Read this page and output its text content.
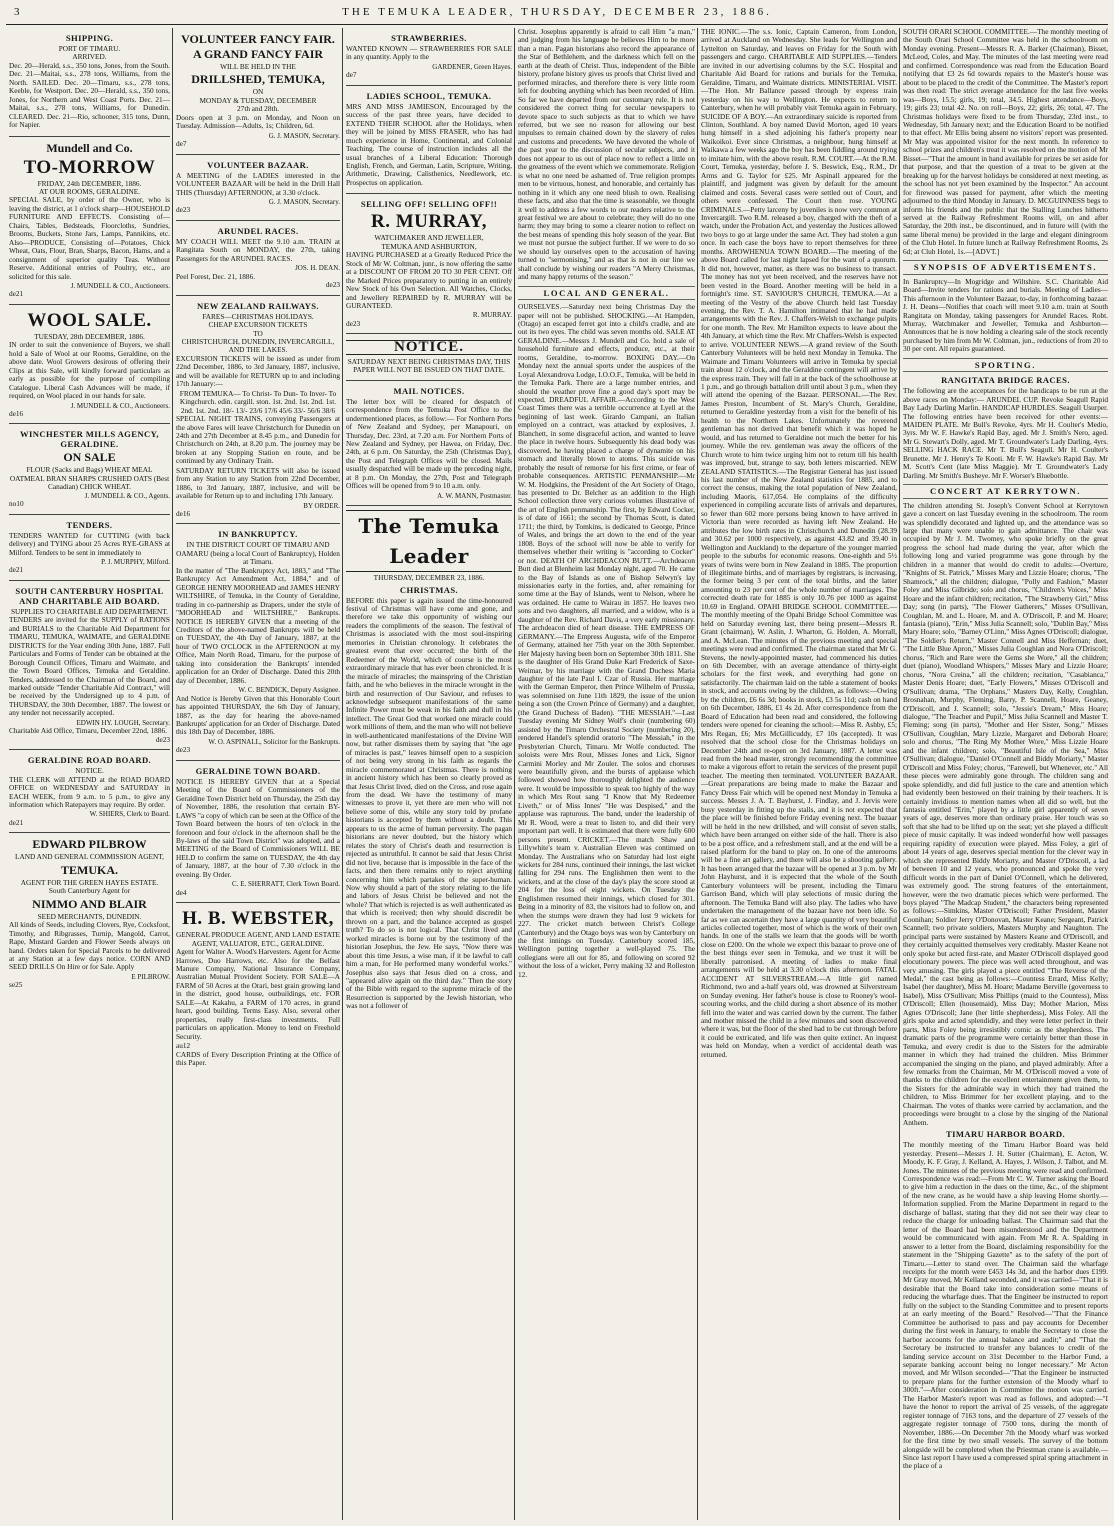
3	THE TEMUKA LEADER, THURSDAY, DECEMBER 23, 1886.
SHIPPING.
PORT OF TIMARU.
ARRIVED.
Dec. 20—Herald, s.s., 350 tons, Jones, from the South. Dec. 21—Maitai, s.s., 278 tons, Williams, from the North. SAILED. Dec. 20—Timaru, s.s., 278 tons, Keeble, for Westport. Dec. 20—Herald, s.s., 350 tons, Jones, for Northern and West Coast Ports. Dec. 21—Maitai, s.s., 278 tons, Williams, for Dunedin. CLEARED. Dec. 21—Rio, schooner, 315 tons, Dunn, for Napier.
Mundell and Co.
TO-MORROW
FRIDAY, 24th DECEMBER, 1886.
AT OUR ROOMS, GERALDINE.
SPECIAL SALE, by order of the Owner, who is leaving the district, at 1 o'clock sharp—HOUSEHOLD FURNITURE AND EFFECTS. Consisting of—Chairs, Tables, Bedsteads, Floorcloths, Sundries, Brooms, Buckets, Stone Jars, Lamps, Pannikins, etc. Also—PRODUCE, Consisting of—Potatoes, Chick Wheat, Oats, Flour, Bran, Sharps, Bacon, Hams, and a consignment of superior quality Teas. Without Reserve. Additional entries of Poultry, etc., are solicited for this sale.
J. MUNDELL & CO., Auctioneers.
de21
WOOL SALE.
TUESDAY, 28th DECEMBER, 1886.
IN order to suit the convenience of Buyers, we shall hold a Sale of Wool at our Rooms, Geraldine, on the above date. Wool Growers desirous of offering their Clips at this Sale, will kindly forward particulars as early as possible for the purpose of compiling Catalogue. Liberal Cash Advances will be made, if required, on Wool placed in our hands for sale.
J. MUNDELL & CO., Auctioneers.
de16
WINCHESTER MILLS AGENCY, GERALDINE.
ON SALE
FLOUR (Sacks and Bags) WHEAT MEAL OATMEAL BRAN SHARPS CRUSHED OATS (Best Canadian) CHICK WHEAT.
J. MUNDELL & CO., Agents.
no10
TENDERS.
TENDERS WANTED for CUTTING (with back delivery) and TYING about 25 Acres RYE-GRASS at Milford. Tenders to be sent in immediately to
P. J. MURPHY, Milford.
de21
SOUTH CANTERBURY HOSPITAL AND CHARITABLE AID BOARD.
SUPPLIES TO CHARITABLE AID DEPARTMENT.
TENDERS are invited for the SUPPLY of RATIONS and BURIALS to the Charitable Aid Department for TIMARU, TEMUKA, WAIMATE, and GERALDINE DISTRICTS for the Year ending 30th June, 1887. Full Particulars and Forms of Tender can be obtained at the Borough Council Offices, Timaru and Waimate, and the Town Board Offices, Temuka and Geraldine. Tenders, addressed to the Chairman of the Board, and marked outside "Tender Charitable Aid Contract," will be received by the Undersigned up to 4 p.m. of THURSDAY, the 30th December, 1887. The lowest or any tender not necessarily accepted.
EDWIN HY. LOUGH, Secretary.
Charitable Aid Office, Timaru, December 22nd, 1886.
de23
GERALDINE ROAD BOARD.
NOTICE.
THE CLERK will ATTEND at the ROAD BOARD OFFICE on WEDNESDAY and SATURDAY in EACH WEEK, from 9 a.m. to 5 p.m., to give any information which Ratepayers may require. By order.
W. SHIERS, Clerk to Board.
de21
EDWARD PILBROW
LAND AND GENERAL COMMISSION AGENT,
TEMUKA.
AGENT FOR THE GREEN HAYES ESTATE.
South Canterbury Agent for
NIMMO AND BLAIR
SEED MERCHANTS, DUNEDIN.
All kinds of Seeds, including Clovers, Rye, Cocksfoot, Timothy, and Ribgrasses, Turnip, Mangold, Carrot, Rape, Mustard Garden and Flower Seeds always on hand. Orders taken for Special Parcels to be delivered at any Station at a few days notice. CORN AND SEED DRILLS On Hire or for Sale. Apply
E PILBROW.
se25
VOLUNTEER FANCY FAIR.
A GRAND FANCY FAIR
WILL BE HELD IN THE
DRILLSHED, TEMUKA,
ON
MONDAY & TUESDAY, DECEMBER
27th and 28th.
Doors open at 3 p.m. on Monday, and Noon on Tuesday. Admission—Adults, 1s; Children, 6d.
G. J. MASON, Secretary.
de7
VOLUNTEER BAZAAR.
A MEETING of the LADIES interested in the VOLUNTEER BAZAAR will be held in the Drill Hall THIS (Thursday) AFTERNOON, at 3.30 o'clock.
G. J. MASON, Secretary.
de23
ARUNDEL RACES.
MY COACH WILL MEET the 9.10 a.m. TRAIN at Rangitata South on MONDAY, the 27th, taking Passengers for the ARUNDEL RACES.
JOS. H. DEAN.
Peel Forest, Dec. 21, 1886.
de23
NEW ZEALAND RAILWAYS.
FARES—CHRISTMAS HOLIDAYS.
CHEAP EXCURSION TICKETS
TO
CHRISTCHURCH, DUNEDIN, INVERCARGILL, AND THE LAKES.
EXCURSION TICKETS will be issued as under from 22nd December, 1886, to 3rd January, 1887, inclusive, and will be available for RETURN up to and including 17th January:—
FROM TEMUKA— To Christ- To Dun- To Inver- To Kingchurch. edin. cargill. ston. 1st. 2nd. 1st. 2nd. 1st. 2nd. 1st. 2nd. 18/- 13/- 23/6 17/6 45/6 33/- 56/6 38/6
SPECIAL NIGHT TRAINS, conveying Passengers at the above Fares will leave Christchurch for Dunedin on 24th and 27th December at 8.45 p.m., and Dunedin for Christchurch on 24th, at 8.20 p.m. The journey may be broken at any Stopping Station en route, and be continued by any Ordinary Train.
SATURDAY RETURN TICKETS will also be issued from any Station to any Station from 22nd December, 1886, to 3rd January, 1887, inclusive, and will be available for Return up to and including 17th January.
BY ORDER.
de16
IN BANKRUPTCY.
IN THE DISTRICT COURT OF TIMARU AND OAMARU (being a local Court of Bankruptcy), Holden at Timaru.
In the matter of "The Bankruptcy Act, 1883," and "The Bankruptcy Act Amendment Act, 1884," and of GEORGE HENRY MOORHEAD and JAMES HENRY WILTSHIRE, of Temuka, in the County of Geraldine, trading in co-partnership as Drapers, under the style of "MOORHEAD and WILTSHIRE," Bankrupts. NOTICE IS HEREBY GIVEN that a meeting of the Creditors of the above-named Bankrupts will be held on TUESDAY, the 4th Day of January, 1887, at the hour of TWO O'CLOCK in the AFTERNOON at my Office, Main North Road, Timaru, for the purpose of taking into consideration the Bankrupts' intended application for an Order of Discharge. Dated this 20th day of December, 1886.
W. C. BENDICK, Deputy Assignee.
And Notice is Hereby Given that this Honorable Court has appointed THURSDAY, the 6th Day of January, 1887, as the day for hearing the above-named Bankrupts' application for an Order of Discharge. Dated this 18th Day of December, 1886.
W. O. ASPINALL, Solicitor for the Bankrupts.
de23
GERALDINE TOWN BOARD.
NOTICE IS HEREBY GIVEN that at a Special Meeting of the Board of Commissioners of the Geraldine Town District held on Thursday, the 25th day of November, 1886, the resolution that certain BY-LAWS "a copy of which can be seen at the Office of the Town Board between the hours of ten o'clock in the forenoon and four o'clock in the afternoon shall be the By-laws of the said Town District" was adopted, and a MEETING of the Board of Commissioners WILL BE HELD to confirm the same on TUESDAY, the 4th day of January, 1887, at the hour of 7.30 o'clock in the evening. By Order.
C. E. SHERRATT, Clerk Town Board.
de4
H. B. WEBSTER,
GENERAL PRODUCE AGENT, AND LAND ESTATE AGENT, VALUATOR, ETC., GERALDINE.
Agent for Walter A. Wood's Harvesters. Agent for Acme Harrows, Duo Harrows, etc. Also for the Belfast Manure Company, National Insurance Company, Australian Mutual Provident Society. FOR SALE—A FARM of 50 Acres at the Orari, best grain growing land in the district, good house, outbuildings, etc. FOR SALE—At Kakahu, a FARM of 170 acres, in grand heart, good building. Terms Easy. Also, several other properties, really first-class investments. Full particulars on application. Money to lend on Freehold Security.
au12
CARDS of Every Description Printing at the Office of this Paper.
STRAWBERRIES.
WANTED KNOWN — STRAWBERRIES FOR SALE in any quantity. Apply to the
GARDENER, Green Hayes.
de7
LADIES SCHOOL, TEMUKA.
MRS AND MISS JAMIESON, Encouraged by the success of the past three years, have decided to EXTEND THEIR SCHOOL after the Holidays, when they will be joined by MISS FRASER, who has had much experience in Home, Continental, and Colonial Teaching. The course of instruction includes all the usual branches of a Liberal Education: Thorough English, French, and German, Latin, Scripture, Writing, Arithmetic, Drawing, Calisthenics, Needlework, etc. Prospectus on application.
SELLING OFF! SELLING OFF!!
R. MURRAY,
WATCHMAKER AND JEWELLER,
TEMUKA AND ASHBURTON,
HAVING PURCHASED at a Greatly Reduced Price the Stock of Mr W. Coltman, junr., is now offering the same at a DISCOUNT OF FROM 20 TO 30 PER CENT. Off the Marked Prices preparatory to putting in an entirely New Stock of his Own Selection. All Watches, Clocks, and Jewellery REPAIRED by R. MURRAY will be GURANTEED.
R. MURRAY.
de23
NOTICE.
SATURDAY NEXT BEING CHRISTMAS DAY, THIS PAPER WILL NOT BE ISSUED ON THAT DATE.
MAIL NOTICES.
The letter box will be cleared for despatch of correspondence from the Temuka Post Office to the undermentioned places, as follow:— For Northern Ports of New Zealand and Sydney, per Manapouri, on Thursday, Dec. 23rd, at 7.20 a.m. For Northern Ports of New Zealand and Sydney, per Hawea, on Friday, Dec. 24th, at 6 p.m. On Saturday, the 25th (Christmas Day), the Post and Telegraph Offices will be closed. Mails usually despatched will be made up the preceding night, at 8 p.m. On Monday, the 27th, Post and Telegraph Offices will be opened from 9 to 10 a.m. only.
A. W. MANN, Postmaster.
The Temuka Leader
THURSDAY, DECEMBER 23, 1886.
CHRISTMAS.
BEFORE this paper is again issued the time-honoured festival of Christmas will have come and gone, and therefore we take this opportunity of wishing our readers the compliments of the season. The festival of Christmas is associated with the most soul-inspiring memories in Christian chronology. It celebrates the greatest event that ever occurred; the birth of the Redeemer of the World, which of course is the most extraordinary miracle that has ever been chronicled. It is the miracle of miracles; the mainspring of the Christian faith, and he who believes in the miracle wrought in the birth and resurrection of Our Saviour, and refuses to acknowledge subsequent manifestations of the same Infinite Power must be weak in his faith and dull in his intellect. The Great God that worked one miracle could work millions of them, and the man who will not believe in well-authenticated manifestations of the Divine Will now, but rather dismisses them by saying that "the age of miracles is past," leaves himself open to a suspicion of not being very strong in his faith as regards the miracle commemorated at Christmas. There is nothing in ancient history which has been so clearly proved as that Jesus Christ lived, died on the Cross, and rose again from the dead. We have the testimony of many witnesses to prove it, yet there are men who will not believe some of this, while any story told by profane historians is accepted by them without a doubt. This appears to us the acme of human perversity. The pagan historians are never doubted, but the history which relates the story of Christ's death and resurrection is rejected as untruthful. It cannot be said that Jesus Christ did not live, because that is impossible in the face of the facts, and then there remains only to reject anything concerning him which partakes of the super-human. Now why should a part of the story relating to the life and labors of Jesus Christ be believed and not the whole? That which is rejected is as well authenticated as that which is received; then why should discredit be thrown on a part, and the balance accepted as gospel truth? To do so is not logical. That Christ lived and worked miracles is borne out by the testimony of the historian Josephus, the Jew. He says, "Now there was about this time Jesus, a wise man, if it be lawful to call him a man, for He performed many wonderful works." Josephus also says that Jesus died on a cross, and "appeared alive again on the third day." Then the story of the Bible with regard to the supreme miracle of the Resurrection is supported by the Jewish historian, who was not a follower of
Christ. Josephus apparently is afraid to call Him "a man," and judging from his language he believes Him to be more than a man. Pagan historians also record the appearance of the Star of Bethlehem, and the darkness which fell on the earth at the death of Christ. Thus, independent of the Bible history, profane history gives us proofs that Christ lived and performed miracles, and therefore there is very little room left for doubting anything which has been recorded of Him. So far we have departed from our customary rule. It is not considered the correct thing for secular newspapers to devote space to such subjects as that to which we have referred, but we see no reason for allowing our best impulses to remain chained down by the slavery of rules and customs and precedents. We have devoted the whole of the past year to the discussion of secular subjects, and it does not appear to us out of place now to reflect a little on the greatness of the event which we commemorate. Religion is what no one need be ashamed of. True religion prompts men to be virtuous, honest, and honorable, and certainly has nothing in it which any one need blush to own. Realising these facts, and also that the time is seasonable, we thought it well to address a few words to our readers relative to the great festival we are about to celebrate; they will do no one harm; they may bring to some a clearer notion to reflect on the best means of spending this holy season of the year. But we must not pursue the subject further. If we were to do so we should lay ourselves open to the accusation of having turned to "sermonising," and as that is not in our line we shall conclude by wishing our readers "A Merry Christmas, and many happy returns of the season."
LOCAL AND GENERAL.
OURSELVES.—Saturday next being Christmas Day the paper will not be published. SHOCKING.—At Hampden, (Otago) an escaped ferret got into a child's cradle, and ate out its two eyes. The child was seven months old. SALE AT GERALDINE.—Messrs J. Mundell and Co. hold a sale of household furniture and effects, produce, etc., at their rooms, Geraldine, to-morrow. BOXING DAY.—On Monday next the annual sports under the auspices of the Loyal Alexandrova Lodge, I.O.O.F., Temuka, will be held in the Temuka Park. There are a large number entries, and should the weather prove fine a good day's sport may be expected. DREADFUL AFFAIR.—According to the West Coast Times there was a terrible occurrence at Lyell at the beginning of last week. Girardo Campani, an Italian employed on a contract, was attacked by explosives, J. Blanchett, in some disgraceful action, and wanted to leave the place in twelve hours. Subsequently his dead body was discovered, he having placed a charge of dynamite on his stomach and literally blown to atoms. This suicide was probably the result of remorse for his first crime, or fear of probable consequences. ARTISTIC PENMANSHIP.—Mr W. M. Hodgkins, the President of the Art Society of Otago, has presented to Dr. Belcher as an addition to the High School collection three very curious volumes illustrative of the art of English penmanship. The first, by Edward Cocker, is of date of 1661; the second by Thomas Scott, is dated 1711; the third, by Tomkins, is dedicated to George, Prince of Wales, and brings the art down to the end of the year 1808. Boys of the school will now be able to verify for themselves whether their writing is "according to Cocker" or not. DEATH OF ARCHDEACON BUTT.—Archdeacon Butt died at Blenheim last Monday night, aged 70. He came to the Bay of Islands as one of Bishop Selwyn's lay missionaries early in the forties, and, after remaining for some time at the Bay of Islands, went to Nelson, where he was ordained. He came to Wairau in 1857. He leaves two sons and two daughters, all married, and a widow, who is a daughter of the Rev. Richard Davis, a very early missionary. The archdeacon died of heart disease. THE EMPRESS OF GERMANY.—The Empress Augusta, wife of the Emperor of Germany, attained her 75th year on the 30th September. Her Majesty having been born on September 30th 1811. She is the daughter of His Grand Duke Karl Frederick of Saxe-Weimar, by his marriage with the Grand Duchess Maria daughter of the late Paul I. Czar of Russia. Her marriage with the German Emperor, then Prince Wilhelm of Prussia, was solemnised on June 11th 1829, the issue of the union being a son (the Crown Prince of Germany) and a daughter, (the Grand Duchess of Baden). "THE MESSIAH."—Last Tuesday evening Mr Sidney Wolf's choir (numbering 60) assisted by the Timaru Orchestral Society (numbering 20), rendered Handel's splendid oratorio "The Messiah," in the Presbyterian Church, Timaru. Mr Wolfe conducted. The soloists were Mrs Rout, Misses Jones and Lick, Signor Carmini Morley and Mr Zouler. The solos and choruses were beautifully given, and the bursts of applause which followed showed how thoroughly delighted the audience were. It would be impossible to speak too highly of the way in which Mrs Rout sang "I Know that My Redeemer Liveth," or of Miss Innes' "He was Despised," and the applause was rapturous. The band, under the leadership of Mr R. Wood, were a treat to listen to, and did their very important part well. It is estimated that there were fully 600 persons present. CRICKET.—The match Shaw and Lillywhite's team v. Australian Eleven was continued on Monday. The Australians who on Saturday had lost eight wickets for 284 runs, continued their innings, the last wicket falling for 294 runs. The Englishmen then went to the wickets, and at the close of the day's play the score stood at 204 for the loss of eight wickets. On Tuesday the Englishmen resumed their innings, which closed for 301. Being in a minority of 83, the visitors had to follow on, and when the stumps were drawn they had lost 9 wickets for 227. The cricket match between Christ's College (Canterbury) and the Otago boys was won by Canterbury on the first innings on Tuesday. Canterbury scored 185, Wellington putting together a well-played 75. The collegians were all out for 85, and following on scored 92 without the loss of a wicket, Perry making 32 and Rolleston 12.
THE IONIC.—The s.s. Ionic, Captain Cameron, from London, arrived at Auckland on Wednesday. She leads for Wellington and Lyttelton on Saturday, and leaves on Friday for the South with passengers and cargo. CHARITABLE AID SUPPLIES.—Tenders are invited in our advertising columns by the S.C. Hospital and Charitable Aid Board for rations and burials for the Temuka, Geraldine, Timaru, and Waimate districts. MINISTERIAL VISIT.—The Hon. Mr Ballance passed through by express train yesterday on his way to Wellington. He expects to return to Canterbury, when he will probably visit Temuka again in February. SUICIDE OF A BOY.—An extraordinary suicide is reported from Clinton, Southland. A boy named David Morton, aged 10 years hung himself in a shed adjoining his father's property near Waikoikoi. Ever since Christmas, a neighbour, hung himself at Waikawa a few weeks ago the boy has been fiddling around trying to imitate him, with the above result. R.M. COURT.—At the R.M. Court, Temuka, yesterday, before J. S. Beswick, Esq., R.M., Dr Arms and G. Taylor for £25. Mr Aspinall appeared for the plaintiff, and judgment was given by default for the amount claimed and costs. Several cases were settled out of Court, and others were confessed. The Court then rose. YOUNG CRIMINALS.—Petty larceny by juveniles is now very common at Invercargill. Two R.M. released a boy, charged with the theft of a watch, under the Probation Act, and yesterday the Justices allowed two boys to go at large under the same Act. They had stolen a gun once. In each case the boys have to report themselves for three months. AROWHENUA TOWN BOARD.—The meeting of the above Board called for last night lapsed for the want of a quorum. It did not, however, matter, as there was no business to transact. The money has not yet been received, and the reserves have not been vested in the Board. Another meeting will be held in a fortnight's time. ST. SAVIOUR'S CHURCH, TEMUKA.—At a meeting of the Vestry of the above Church held last Tuesday evening, the Rev. T. A. Hamilton intimated that he had made arrangements with the Rev. J. Chaffers-Welsh to exchange pulpits for one month. The Rev. Mr Hamilton expects to leave about the 4th January, at which time the Rev. Mr Chaffers-Welsh is expected to arrive. VOLUNTEER NEWS.—A grand review of the South Canterbury Volunteers will be held next Monday in Temuka. The Waimate and Timaru Volunteers will arrive in Temuka by special train about 12 o'clock, and the Geraldine contingent will arrive by the express train. They will fall in at the back of the schoolhouse at 1 p.m., and go through battalion drill until about 3 p.m., when they will attend the opening of the Bazaar. PERSONAL.—The Rev. James Preston, Incumbent of St. Mary's Church, Geraldine, returned to Geraldine yesterday from a visit for the benefit of his health to the Northern Lakes. Unfortunately the reverend gentleman has not derived that benefit which it was hoped he would, and has returned to Geraldine not much the better for his journey. While the rev. gentleman was away the officers of the Church wrote to him twice urging him not to return till his health was improved, but, strange to say, both letters miscarried. NEW ZEALAND STATISTICS.—The Registrar General has just issued his last number of the New Zealand statistics for 1885, and to correct the census, making the total population of New Zealand, including Maoris, 617,054. He complains of the difficulty experienced in compiling accurate lists of arrivals and departures, so fewer than 602 more persons being known to have arrived in Victoria than were recorded as having left New Zealand. He attributes the low birth rates in Christchurch and Dunedin (28.39 and 30.62 per 1000 respectively, as against 43.82 and 39.40 in Wellington and Auckland) to the departure of the younger married people to the suburbs for economic reasons. One-eighth and 5½ years of twins were born in New Zealand in 1885. The proportion of illegitimate births, and of marriages by registrars, is increasing, the former being 3 per cent of the total births, and the latter amounting to 23 per cent of the whole number of marriages. The corrected death rate for 1885 is only 10.76 per 1000 as against 10.69 in England. OPAHI BRIDGE SCHOOL COMMITTEE.—The monthly meeting of the Opahi Bridge School Committee was held on Saturday evening last, there being present—Messrs R. Grant (chairman), W. Aslin, J. Wharton, G. Holden, A. Morrall, and A. McLean. The minutes of the previous meeting and special meetings were read and confirmed. The chairman stated that Mr G. Stevens, the newly-appointed master, had commenced his duties on 6th December, with an average attendance of thirty-eight scholars for the first week, and everything had gone on satisfactorily. The chairman laid on the table a statement of books in stock, and accounts owing by the children, as follows:—Owing by the children, £6 6s 3d; books in stock, £3 5s 11d; cash on hand on 6th December, 1886, £1 4s 2d. After correspondence from the Board of Education had been read and considered, the following tenders were opened for cleaning the school:—Miss R. Ashby, £5; Mrs Regan, £6; Mrs McGillicuddy, £7 10s (accepted). It was resolved that the school close for the Christmas holidays on December 24th and re-open on 3rd January, 1887. A letter was read from the head master, strongly recommending the committee to make a vigorous effort to retain the services of the present pupil teacher. The meeting then terminated. VOLUNTEER BAZAAR.—Great preparations are being made to make the Bazaar and Fancy Dress Fair which will be opened next Monday in Temuka a success. Messrs J. A. T. Bayhurst, J. Findlay, and J. Jervis were busy yesterday in fitting up the stalls, and it is not expected that the place will be finished before Friday evening next. The bazaar will be held in the new drillshed, and will consist of seven stalls, which have been arranged on either side of the hall. There is also to be a post office, and a refreshment stall, and at the end will be a raised platform for the band to play on. In one of the anterooms will be a fine art gallery, and there will also be a shooting gallery. It has been arranged that the bazaar will be opened at 3 p.m. by Mr John Hayhurst, and it is expected that the whole of the South Canterbury volunteers will be present, including the Timaru Garrison Band, which will play selections of music during the afternoon. The Temuka Band will also play. The ladies who have undertaken the management of the bazaar have not been idle. So far as we can ascertain they have a large quantity of very beautiful articles collected together, most of which is the work of their own hands. In one of the stalls we learn that the goods will be worth close on £200. On the whole we expect this bazaar to prove one of the best things ever seen in Temuka, and we trust it will be liberally patronised. A meeting of ladies to make final arrangements will be held at 3.30 o'clock this afternoon. FATAL ACCIDENT AT SILVERSTREAM.—A little girl named Richmond, two and a-half years old, was drowned at Silverstream on Sunday evening. Her father's house is close to Rooney's wool-scouring works, and the child during a short absence of its mother fell into the water and was carried down by the current. The father and mother missed the child in a few minutes and soon discovered where it was, but the floor of the shed had to be cut through before it could be extricated, and life was then quite extinct. An inquest was held on Monday, when a verdict of accidental death was returned.
SOUTH ORARI SCHOOL COMMITTEE.—The monthly meeting of the South Orari School Committee was held in the schoolroom on Monday evening. Present—Messrs R. A. Barker (Chairman), Bisset, McLeod, Coles, and May. The minutes of the last meeting were read and confirmed. Correspondence was read from the Education Board notifying that £3 2s 6d towards repairs to the Master's house was about to be placed to the credit of the Committee. The Master's report was then read: The strict average attendance for the last five weeks was—Boys, 15.5; girls, 19; total, 34.5. Highest attendance—Boys, 19; girls 23; total 42. No. on roll—Boys, 22; girls, 26; total, 47. The Christmas holidays were fixed to be from Thursday, 23rd inst., to Wednesday, 5th January next; and the Education Board to be notified to that effect. Mr Ellis being absent no visitors' report was presented. Mr May was appointed visitor for the next month. In reference to school prizes and children's treat it was resolved on the motion of Mr Bisset—"That the amount in hand available for prizes be set aside for that purpose, and that the question of a treat to be given at the breaking up for the harvest holidays be considered at next meeting, as the school has not yet been examined by the Inspector." An account for firewood was passed for payment, after which the meeting adjourned to the third Monday in January. D. MCGUINNESS begs to inform his friends and the public that the Stalling Lunches hitherto served at the Railway Refreshment Rooms will, on and after Saturday, the 20th inst., be discontinued, and in future will (with the same liberal menu) be provided in the large and elegant diningroom of the Club Hotel. In future lunch at Railway Refreshment Rooms, 2s 6d; at Club Hotel, 1s.—[ADVT.]
SYNOPSIS OF ADVERTISEMENTS.
In Bankruptcy—In Mogridge and Wiltshire. S.C. Charitable Aid Board—Invite tenders for rations and burials. Meeting of Ladies—This afternoon in the Volunteer Bazaar, to-day, in forthcoming bazaar. J. H. Deans—Notifies that coach will meet 9.10 a.m. train at South Rangitata on Monday, taking passengers for Arundel Races. Robt. Murray, Watchmaker and Jeweller, Temuka and Ashburton—Announces that he is now holding a clearing sale of the stock recently purchased by him from Mr W. Coltman, jun., reductions of from 20 to 30 per cent. All repairs guaranteed.
SPORTING.
RANGITATA BRIDGE RACES.
The following are the acceptances for the handicaps to be run at the above races on Monday:— ARUNDEL CUP. Revoke Seagull Rapid Bay Lady Darling Marlin. HANDICAP HURDLES. Seagull Usurper. The following entries have been received for other events:— MAIDEN PLATE. Mr Bull's Revoke, 4yrs. Mr H. Coulter's Medio, 3yrs. Mr W. F. Hawke's Rapid Bay, aged. Mr J. Smith's Nero, aged. Mr G. Stewart's Dolly, aged. Mr T. Groundwater's Lady Darling, 4yrs. SELLING HACK RACE. Mr T. Bull's Seagull. Mr H. Coulter's Brunette. Mr J. Henry's Te Kooti. Mr F. W. Hawke's Rapid Bay. Mr M. Scott's Cent (late Miss Maggie). Mr T. Groundwater's Lady Darling. Mr Smith's Busheye. Mr F. Worser's Bluebottle.
CONCERT AT KERRYTOWN.
The children attending St. Joseph's Convent School at Kerrytown gave a concert on last Tuesday evening in the schoolroom. The room was splendidly decorated and lighted up, and the attendance was so large that many were unable to gain admittance. The chair was occupied by Mr J. M. Twomey, who spoke briefly on the great progress the school had made during the year, after which the following long and varied programme was gone through by the children in a manner that would do credit to adults:—Overture, "Knights of St. Patrick," Misses Mary and Lizzie Hoare; chorus, "The Shamrock," all the children; dialogue, "Polly and Fashion," Master Foley and Miss Gilbride; solo and chorus, "Children's Voices," Miss Hoare and the infant children; recitation, "The Strawberry Girl," Miss Day; song (in parts), "The Flower Gatherers," Misses O'Sullivan, Coughlan, M. and L. Hoare, M. and A. O'Driscoll, P. and M. Hoare; fantasia (piano), "Erin," Miss Julia Scannell; solo, "Dublin Bay," Miss Mary Hoare; solo, "Barney O'Linn," Miss Agnes O'Driscoll; dialogue, "The Soldier's Return," Master Connell and Miss Heffernan; duet, "The Little Blue Apron," Misses Julia Coughlan and Nora O'Driscoll; chorus, "Rich and Rare were the Gems she Wore," all the children; duet (piano), Woodland Whispers," Misses Mary and Lizzie Hoare; chorus, "Nora Creina," all the children; recitation, "Casabianca," Master Denis Hoare; duet, "Early Flowers," Misses O'Driscoll and O'Sullivan; drama, "The Orphans," Masters Day, Kelly, Coughlan, Brosnahan, Murphy, Fleming, Barry, P. Scannell, Hoare, Geaney, O'Driscoll, and J. Scannell; solo, "Jessie's Dream," Miss Hoare; dialogue, "The Teacher and Pupil," Miss Julia Scannell and Master T. Fleming; song (in parts), "Mother and Her Sister, Song," Misses O'Sullivan, Coughlan, Mary Lizzie, Margaret and Deborah Hoare; solo and chorus, "The Ring My Mother Wore," Miss Lizzie Hoare and the infant children; solo, "Beautiful Isle of the Sea," Miss O'Sullivan; dialogue, "Daniel O'Connell and Biddy Moriarty," Master O'Driscoll and Miss Foley; chorus, "Farewell, but Whenever, etc." All these pieces were admirably gone through. The children sang and spoke splendidly, and did full justice to the care and attention which had evidently been bestowed on their training by their teachers. It is certainly invidious to mention names when all did so well, but the fantasia entitled "Erin," played by a little girl apparently of seven years of age, deserves more than ordinary praise. Her touch was so soft that she had to be lifted up on the seat; yet she played a difficult piece of music capitally. It was indeed wonderful how well passages requiring rapidity of execution were played. Miss Foley, a girl of about 14 years of age, deserves special mention for the clever way in which she represented Biddy Moriarty, and Master O'Driscoll, a lad of between 10 and 12 years, who pronounced and spoke the very difficult words in the part of Daniel O'Connell, which he delivered, was extremely good. The strong features of the entertainment, however, were the two dramatic pieces which were performed. The boys played "The Madcap Student," the characters being represented as follows:—Simkins, Master O'Driscoll; Father President, Master Coonihan; Soldier Jerry O'Donovan, Master Keane; Sergeant, Patrick Scannell; two private soldiers, Masters Murphy and Naughton. The principal parts were sustained by Masters Keane and O'Driscoll, and they certainly acquitted themselves very creditably. Master Keane not only spoke but acted first-rate, and Master O'Driscoll displayed good elocutionary powers. The piece was well acted throughout, and was very amusing. The girls played a piece entitled "The Reverse of the Medal," the cast being as follows:—Countess Errard, Miss Kelly; Isabel (her daughter), Miss M. Hoare; Madame Berville (governess to Isabel), Miss O'Sullivan; Miss Phillips (maid to the Countess), Miss O'Driscoll; Ellen (housemaid), Miss Day; Mother Marion, Miss Agnes O'Driscoll; Jane (her little shepherdess), Miss Foley. All the girls spoke and acted splendidly, and they were letter perfect in their parts, Miss Foley being irresistibly comic as the shepherdess. The dramatic parts of the programme were certainly better than those in Temuka, and every credit is due to the Sisters for the admirable manner in which they had trained the children. Miss Brimmer accompanied the singing on the piano, and played admirably. After a few remarks from the Chairman, Mr M. O'Driscoll moved a vote of thanks to the children for the excellent entertainment given them, to the Sisters for the admirable way in which they had trained the children, to Miss Brimmer for her excellent playing, and to the Chairman. The votes of thanks were carried by acclamation, and the proceedings were brought to a close by the singing of the National Anthem.
TIMARU HARBOR BOARD.
The monthly meeting of the Timaru Harbor Board was held yesterday. Present—Messrs J. H. Sutter (Chairman), E. Acton, W. Moody, K. F. Gray, J. Kelland, A. Hayes, J. Wilson, J. Talbot, and M. Jones. The minutes of the previous meeting were read and confirmed. Correspondence was read:—From Mr C. W. Turner asking the Board to give him a reduction in the dues on the time, &c., of the shipment of the new crane, as he would have a ship leaving Home shortly.—Information supplied. From the Marine Department in regard to the discharge of ballast, stating that they did not see their way clear to reduce the charge for unloading ballast. The Chairman said that the letter of the Board had been misunderstood and the Department would be communicated with again. From Mr R. A. Spalding in answer to a letter from the Board, disclaiming responsibility for the statement in the "Shipping Gazette" as to the safety of the port of Timaru.—Letter to stand over. The Chairman said the wharfage receipts for the month were £453 14s 3d, and the harbor dues £199. Mr Gray moved, Mr Kelland seconded, and it was carried—"That it is desirable that the Board take into consideration some means of reducing the wharfage dues. That the Engineer be instructed to report fully on the subject to the Standing Committee and to present reports at an early meeting of the Board." Resolved—"That the Finance Committee be authorised to pass and pay accounts for December during the first week in January, to enable the Secretary to close the harbor accounts for the annual balance and audit;" and "That the Secretary be instructed to transfer any balances to credit of the landing service account on 31st December to the Harbor Fund, a separate banking account being no longer necessary." Mr Acton moved, and Mr Wilson seconded—"That the Engineer be instructed to prepare plans for the further extension of the Moody wharf to 300ft."—After consideration in Committee the motion was carried. The Harbor Master's report was read as follows, and adopted:—"I have the honor to report the arrival of 25 vessels, of the aggregate register tonnage of 7163 tons, and the departure of 27 vessels of the aggregate register tonnage of 7500 tons, during the month of November, 1886.—On December 7th the Moody wharf was worked for the first time by two small vessels. The survey of the bottom alongside will be completed when the Priestman crane is available.—Since last report I have used a compressed spiral spring attachment in the place of a
